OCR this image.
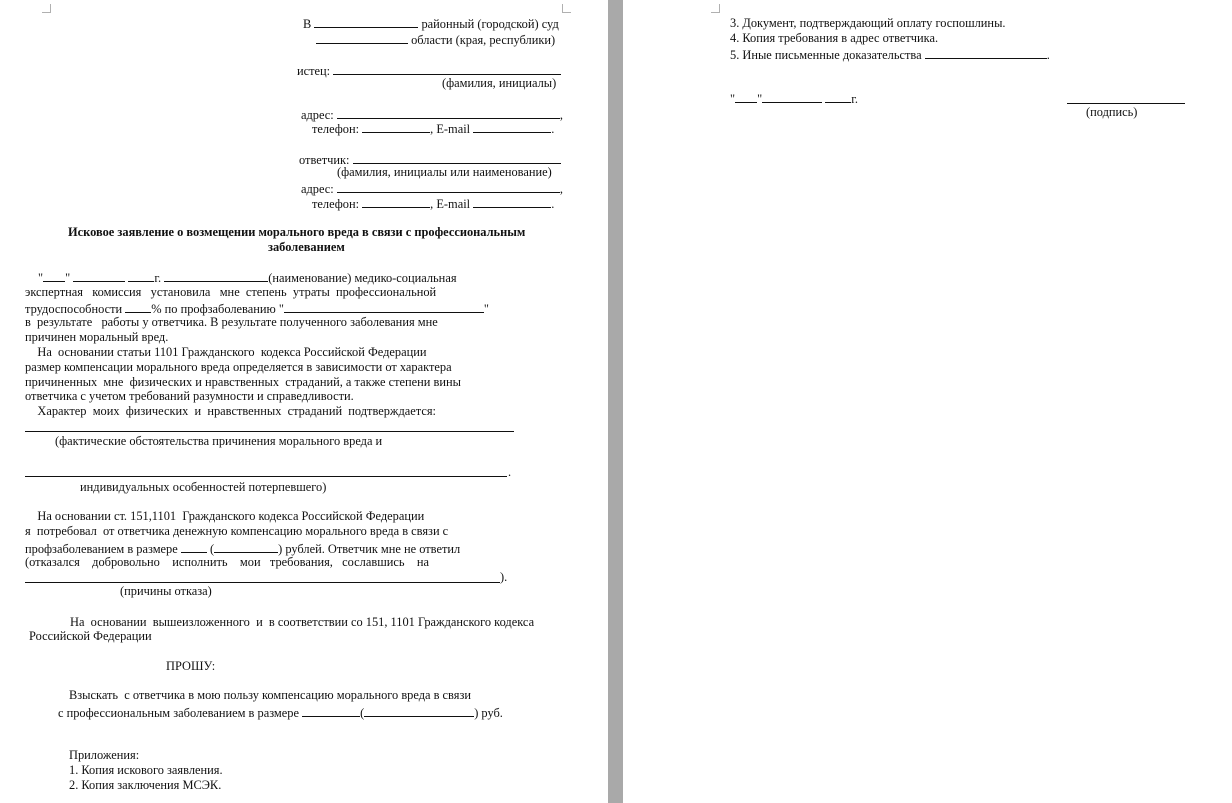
В	районный (городской) суд
области (края, республики)
истец:
(фамилия, инициалы)
адрес:	,
телефон:	, E-mail	.
ответчик:
(фамилия, инициалы или наименование)
адрес:	,
телефон:	, E-mail	.
Исковое заявление о возмещении морального вреда в связи с профессиональным
заболеванием
" "	г.	(наименование) медико-социальная
экспертная   комиссия   установила   мне  степень  утраты  профессиональной
трудоспособности % по профзаболеванию "	"
в  результате   работы у ответчика. В результате полученного заболевания мне
причинен моральный вред.
На  основании статьи 1101 Гражданского  кодекса Российской Федерации
размер компенсации морального вреда определяется в зависимости от характера
причиненных  мне  физических и нравственных  страданий, а также степени вины
ответчика с учетом требований разумности и справедливости.
Характер  моих  физических  и  нравственных  страданий  подтверждается:
(фактические обстоятельства причинения морального вреда и
.
индивидуальных особенностей потерпевшего)
На основании ст. 151,1101  Гражданского кодекса Российской Федерации
я  потребовал  от ответчика денежную компенсацию морального вреда в связи с
профзаболеванием в размере	(	) рублей. Ответчик мне не ответил
(отказался    добровольно    исполнить    мои   требования,   сославшись    на
).
(причины отказа)
На  основании  вышеизложенного  и  в соответствии со 151, 1101 Гражданского кодекса
Российской Федерации
ПРОШУ:
Взыскать  с ответчика в мою пользу компенсацию морального вреда в связи
с профессиональным заболеванием в размере	(	) руб.
Приложения:
1. Копия искового заявления.
2. Копия заключения МСЭК.
3. Документ, подтверждающий оплату госпошлины.
4. Копия требования в адрес ответчика.
5. Иные письменные доказательства	.
" "	г.
(подпись)
